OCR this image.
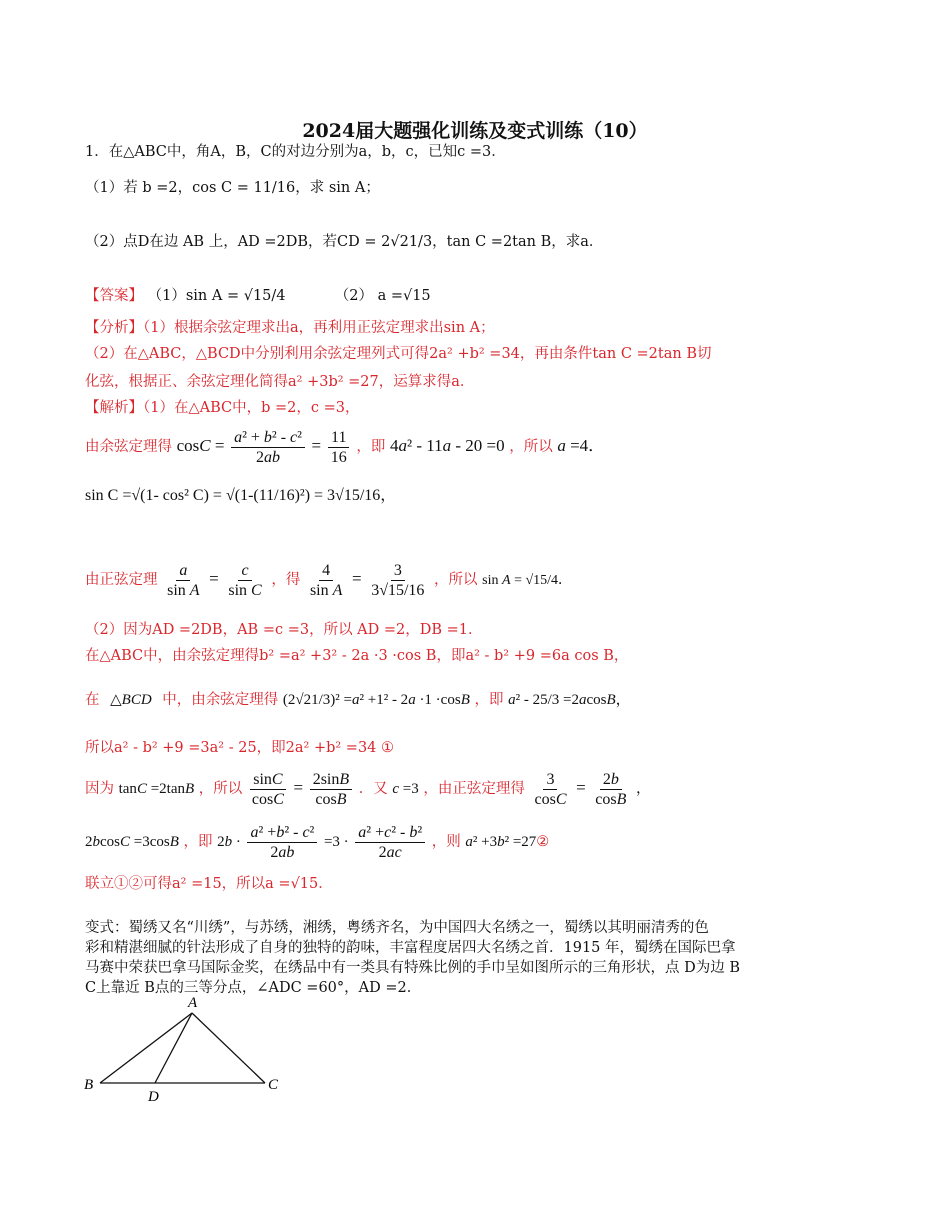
2024届大题强化训练及变式训练（10）
1．在△ABC中，角A，B，C的对边分别为a，b，c，已知c =3．
（1）若 b =2，cos C = 11/16，求 sin A；
（2）点D在边 AB 上，AD =2DB，若CD = 2√21/3，tan C =2tan B，求a．
【答案】 （1）sin A = √15/4	（2） a =√15
【分析】（1）根据余弦定理求出a，再利用正弦定理求出sin A；
（2）在△ABC，△BCD中分别利用余弦定理列式可得2a² +b² =34，再由条件tan C =2tan B切
化弦，根据正、余弦定理化简得a² +3b² =27，运算求得a．
【解析】（1）在△ABC中，b =2，c =3，
由余弦定理得 $\cos C = \frac{\text{a² + b² - c²}}{2ab} = \frac{11}{16}$ ，即 4a² - 11a - 20 =0 ，所以 a =4．
sin C =√(1- cos² C) = √(1-(11/16)²) = 3√15/16，
由正弦定理 $\frac{a}{\text{sin A}} = \frac{c}{\text{sin C}}$ ，得 $\frac{4}{\text{sin A}} = \frac{3}{3√15/16}$ ，所以 sin A = √15/4．
（2）因为AD =2DB，AB =c =3，所以 AD =2，DB =1．
在△ABC中，由余弦定理得b² =a² +3² - 2a ·3 ·cos B，即a² - b² +9 =6a cos B，
在 △BCD 中，由余弦定理得 (2√21/3)² =a² +1² - 2a ·1 ·cosB ，即 a² - 25/3 =2acosB，
所以a² - b² +9 =3a² - 25，即2a² +b² =34 ①
因为 tanC =2tanB ，所以 $\frac{\sin C}{\cos C} = \frac{2\sin B}{\cos B}$ ．又 c =3 ，由正弦定理得 $\frac{3}{\cos C} = \frac{2b}{\cos B}$ ，
2bcosC =3cosB ，即 $2b \cdot \frac{\text{a² +b² - c²}}{2ab} =3 \cdot \frac{\text{a² +c² - b²}}{2ac}$ ，则 a² +3b² =27②
联立①②可得a² =15，所以a =√15．
变式：蜀绣又名“川绣”，与苏绣，湘绣，粤绣齐名，为中国四大名绣之一，蜀绣以其明丽清秀的色
彩和精湛细腻的针法形成了自身的独特的韵味，丰富程度居四大名绣之首．1915 年，蜀绣在国际巴拿
马赛中荣获巴拿马国际金奖，在绣品中有一类具有特殊比例的手巾呈如图所示的三角形状，点 D为边 B
C上靠近 B点的三等分点，∠ADC =60°，AD =2．
A
B	C
D
